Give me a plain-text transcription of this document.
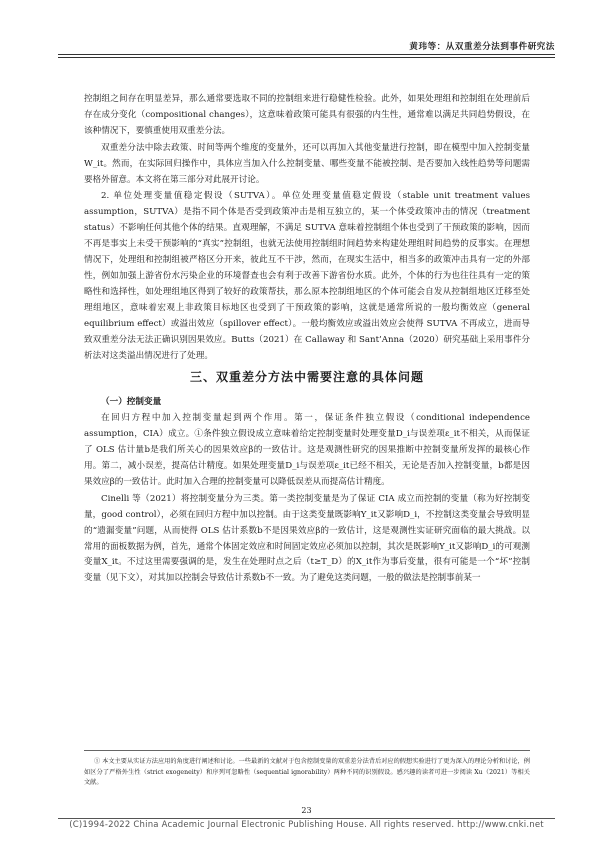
黄玮等：从双重差分法到事件研究法

控制组之间存在明显差异，那么通常要选取不同的控制组来进行稳健性检验。此外，如果处理组和控制组在处理前后存在成分变化（compositional changes），这意味着政策可能具有很强的内生性，通常难以满足共同趋势假设，在该种情况下，要慎重使用双重差分法。

双重差分法中除去政策、时间等两个维度的变量外，还可以再加入其他变量进行控制，即在模型中加入控制变量W_it。然而，在实际回归操作中，具体应当加入什么控制变量、哪些变量不能被控制、是否要加入线性趋势等问题需要格外留意。本文将在第三部分对此展开讨论。

2. 单位处理变量值稳定假设（SUTVA）。单位处理变量值稳定假设（stable unit treatment values assumption，SUTVA）是指不同个体是否受到政策冲击是相互独立的，某一个体受政策冲击的情况（treatment status）不影响任何其他个体的结果。直观理解，不满足 SUTVA 意味着控制组个体也受到了干预政策的影响，因而不再是事实上未受干预影响的“真实”控制组，也就无法使用控制组时间趋势来构建处理组时间趋势的反事实。在理想情况下，处理组和控制组被严格区分开来，彼此互不干涉，然而，在现实生活中，相当多的政策冲击具有一定的外部性，例如加强上游省份水污染企业的环境督查也会有利于改善下游省份水质。此外，个体的行为也往往具有一定的策略性和选择性，如处理组地区得到了较好的政策帮扶，那么原本控制组地区的个体可能会自发从控制组地区迁移至处理组地区，意味着宏观上非政策目标地区也受到了干预政策的影响，这就是通常所说的一般均衡效应（general equilibrium effect）或溢出效应（spillover effect）。一般均衡效应或溢出效应会使得 SUTVA 不再成立，进而导致双重差分法无法正确识别因果效应。Butts（2021）在 Callaway 和 Sant’Anna（2020）研究基础上采用事件分析法对这类溢出情况进行了处理。

三、双重差分方法中需要注意的具体问题
（一）控制变量

在回归方程中加入控制变量起到两个作用。第一，保证条件独立假设（conditional independence assumption，CIA）成立。①条件独立假设成立意味着给定控制变量时处理变量D_i与误差项ε_it不相关，从而保证了 OLS 估计量b是我们所关心的因果效应β的一致估计。这是观测性研究的因果推断中控制变量所发挥的最核心作用。第二，减小误差，提高估计精度。如果处理变量D_i与误差项ε_it已经不相关，无论是否加入控制变量，b都是因果效应β的一致估计。此时加入合理的控制变量可以降低误差从而提高估计精度。

Cinelli 等（2021）将控制变量分为三类。第一类控制变量是为了保证 CIA 成立而控制的变量（称为好控制变量，good control），必须在回归方程中加以控制。由于这类变量既影响Y_it又影响D_i，不控制这类变量会导致明显的“遗漏变量”问题，从而使得 OLS 估计系数b不是因果效应β的一致估计，这是观测性实证研究面临的最大挑战。以常用的面板数据为例，首先，通常个体固定效应和时间固定效应必须加以控制，其次是既影响Y_it又影响D_i的可观测变量X_it。不过这里需要强调的是，发生在处理时点之后（t≥T_D）的X_it作为事后变量，很有可能是一个“坏”控制变量（见下文），对其加以控制会导致估计系数b不一致。为了避免这类问题，一般的做法是控制事前某一

① 本文主要从实证方法应用的角度进行阐述和讨论。一些最新的文献对于包含控制变量的双重差分法背后对应的假想实验进行了更为深入的理论分析和讨论，例如区分了严格外生性（strict exogeneity）和序列可忽略性（sequential ignorability）两种不同的识别假设。感兴趣的读者可进一步阅读 Xu（2021）等相关文献。
23
(C)1994-2022 China Academic Journal Electronic Publishing House. All rights reserved. http://www.cnki.net
